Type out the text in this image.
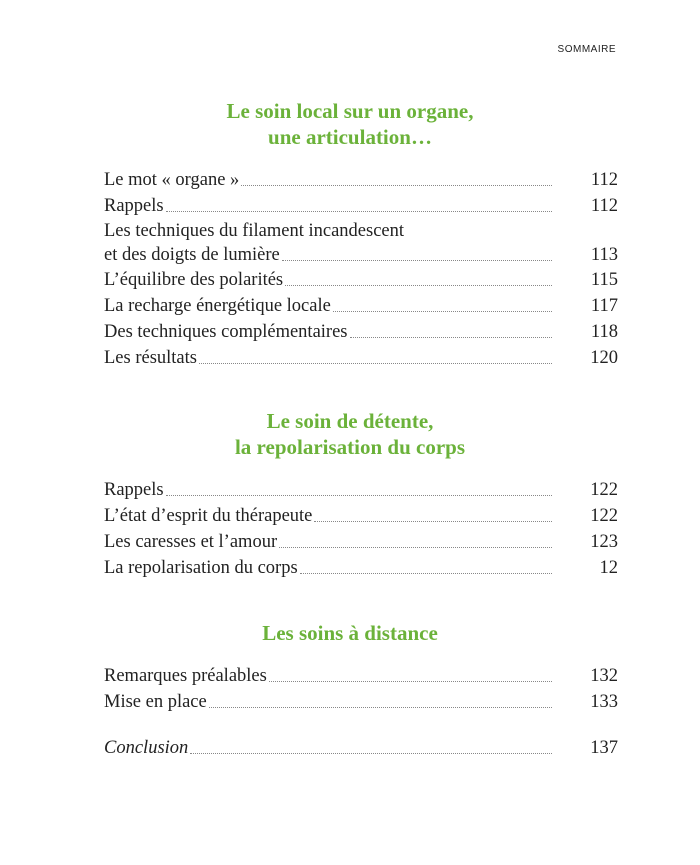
SOMMAIRE
Le soin local sur un organe,
une articulation…
Le mot « organe »	112
Rappels	112
Les techniques du filament incandescent
et des doigts de lumière	113
L’équilibre des polarités	115
La recharge énergétique locale	117
Des techniques complémentaires	118
Les résultats	120
Le soin de détente,
la repolarisation du corps
Rappels	122
L’état d’esprit du thérapeute	122
Les caresses et l’amour	123
La repolarisation du corps	12
Les soins à distance
Remarques préalables	132
Mise en place	133
Conclusion	137
